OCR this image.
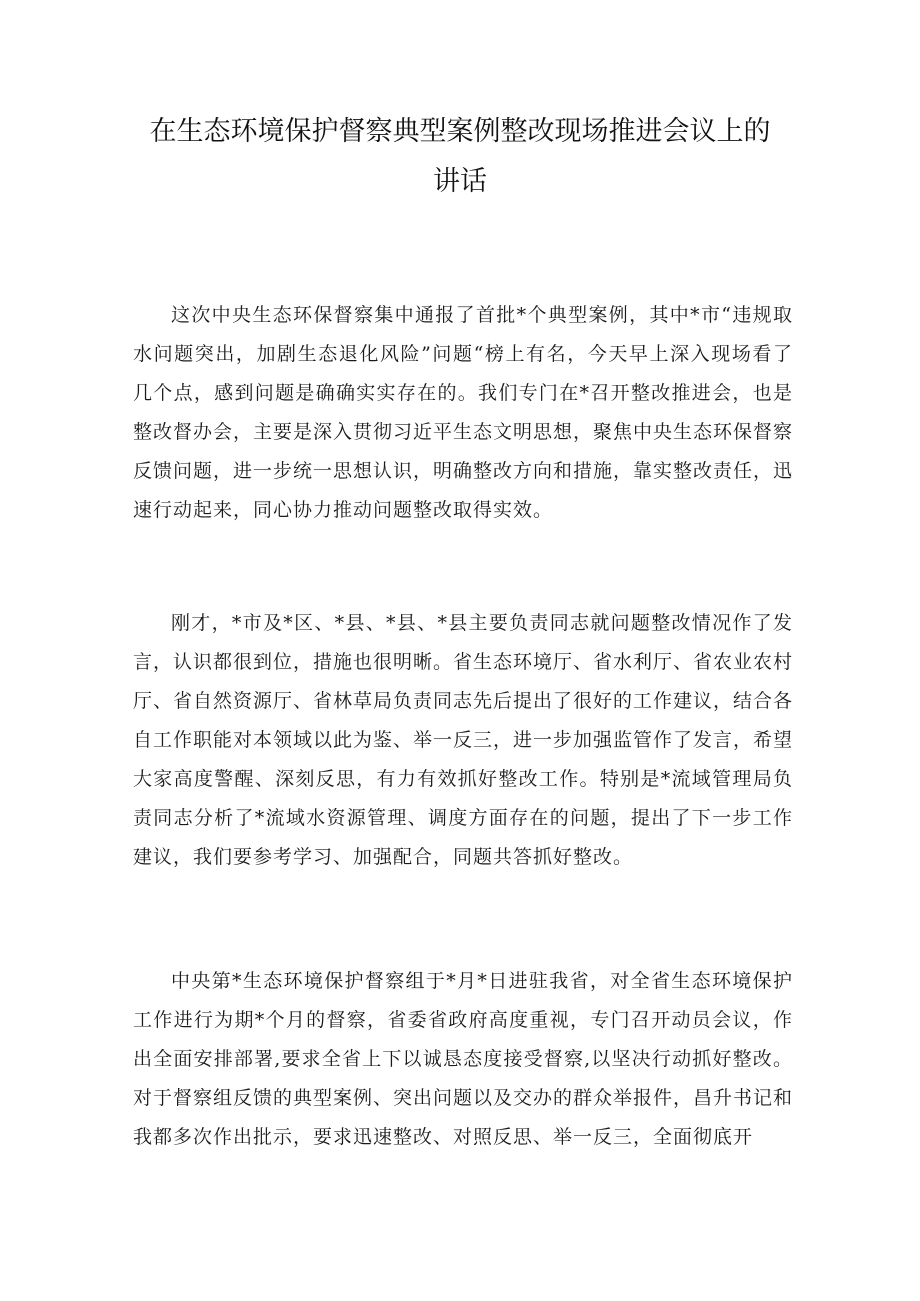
在生态环境保护督察典型案例整改现场推进会议上的
讲话

这次中央生态环保督察集中通报了首批*个典型案例，其中*市“违规取水问题突出，加剧生态退化风险”问题“榜上有名，今天早上深入现场看了几个点，感到问题是确确实实存在的。我们专门在*召开整改推进会，也是整改督办会，主要是深入贯彻习近平生态文明思想，聚焦中央生态环保督察反馈问题，进一步统一思想认识，明确整改方向和措施，靠实整改责任，迅速行动起来，同心协力推动问题整改取得实效。

刚才，*市及*区、*县、*县、*县主要负责同志就问题整改情况作了发言，认识都很到位，措施也很明晰。省生态环境厅、省水利厅、省农业农村厅、省自然资源厅、省林草局负责同志先后提出了很好的工作建议，结合各自工作职能对本领域以此为鉴、举一反三，进一步加强监管作了发言，希望大家高度警醒、深刻反思，有力有效抓好整改工作。特别是*流域管理局负责同志分析了*流域水资源管理、调度方面存在的问题，提出了下一步工作建议，我们要参考学习、加强配合，同题共答抓好整改。

中央第*生态环境保护督察组于*月*日进驻我省，对全省生态环境保护工作进行为期*个月的督察，省委省政府高度重视，专门召开动员会议，作出全面安排部署,要求全省上下以诚恳态度接受督察,以坚决行动抓好整改。对于督察组反馈的典型案例、突出问题以及交办的群众举报件，昌升书记和我都多次作出批示，要求迅速整改、对照反思、举一反三，全面彻底开
